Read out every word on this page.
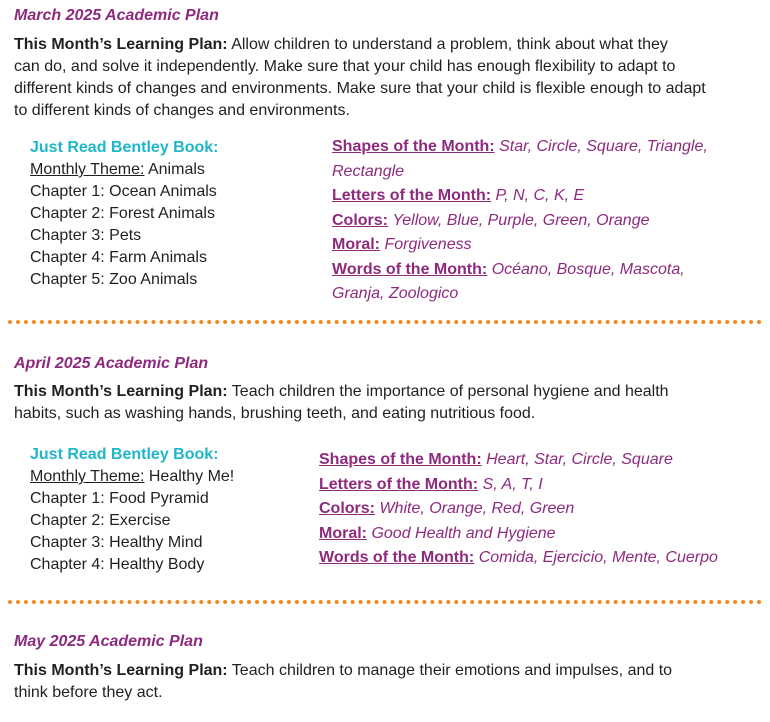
March 2025 Academic Plan

This Month’s Learning Plan: Allow children to understand a problem, think about what they
can do, and solve it independently. Make sure that your child has enough flexibility to adapt to
different kinds of changes and environments. Make sure that your child is flexible enough to adapt
to different kinds of changes and environments.

Just Read Bentley Book:
Monthly Theme: Animals
Chapter 1: Ocean Animals
Chapter 2: Forest Animals
Chapter 3: Pets
Chapter 4: Farm Animals
Chapter 5: Zoo Animals
Shapes of the Month: Star, Circle, Square, Triangle,
Rectangle
Letters of the Month: P, N, C, K, E
Colors: Yellow, Blue, Purple, Green, Orange
Moral: Forgiveness
Words of the Month: Océano, Bosque, Mascota,
Granja, Zoologico
April 2025 Academic Plan

This Month’s Learning Plan: Teach children the importance of personal hygiene and health
habits, such as washing hands, brushing teeth, and eating nutritious food.

Just Read Bentley Book:
Monthly Theme: Healthy Me!
Chapter 1: Food Pyramid
Chapter 2: Exercise
Chapter 3: Healthy Mind
Chapter 4: Healthy Body
Shapes of the Month: Heart, Star, Circle, Square
Letters of the Month: S, A, T, I
Colors: White, Orange, Red, Green
Moral: Good Health and Hygiene
Words of the Month: Comida, Ejercicio, Mente, Cuerpo
May 2025 Academic Plan

This Month’s Learning Plan: Teach children to manage their emotions and impulses, and to
think before they act.
